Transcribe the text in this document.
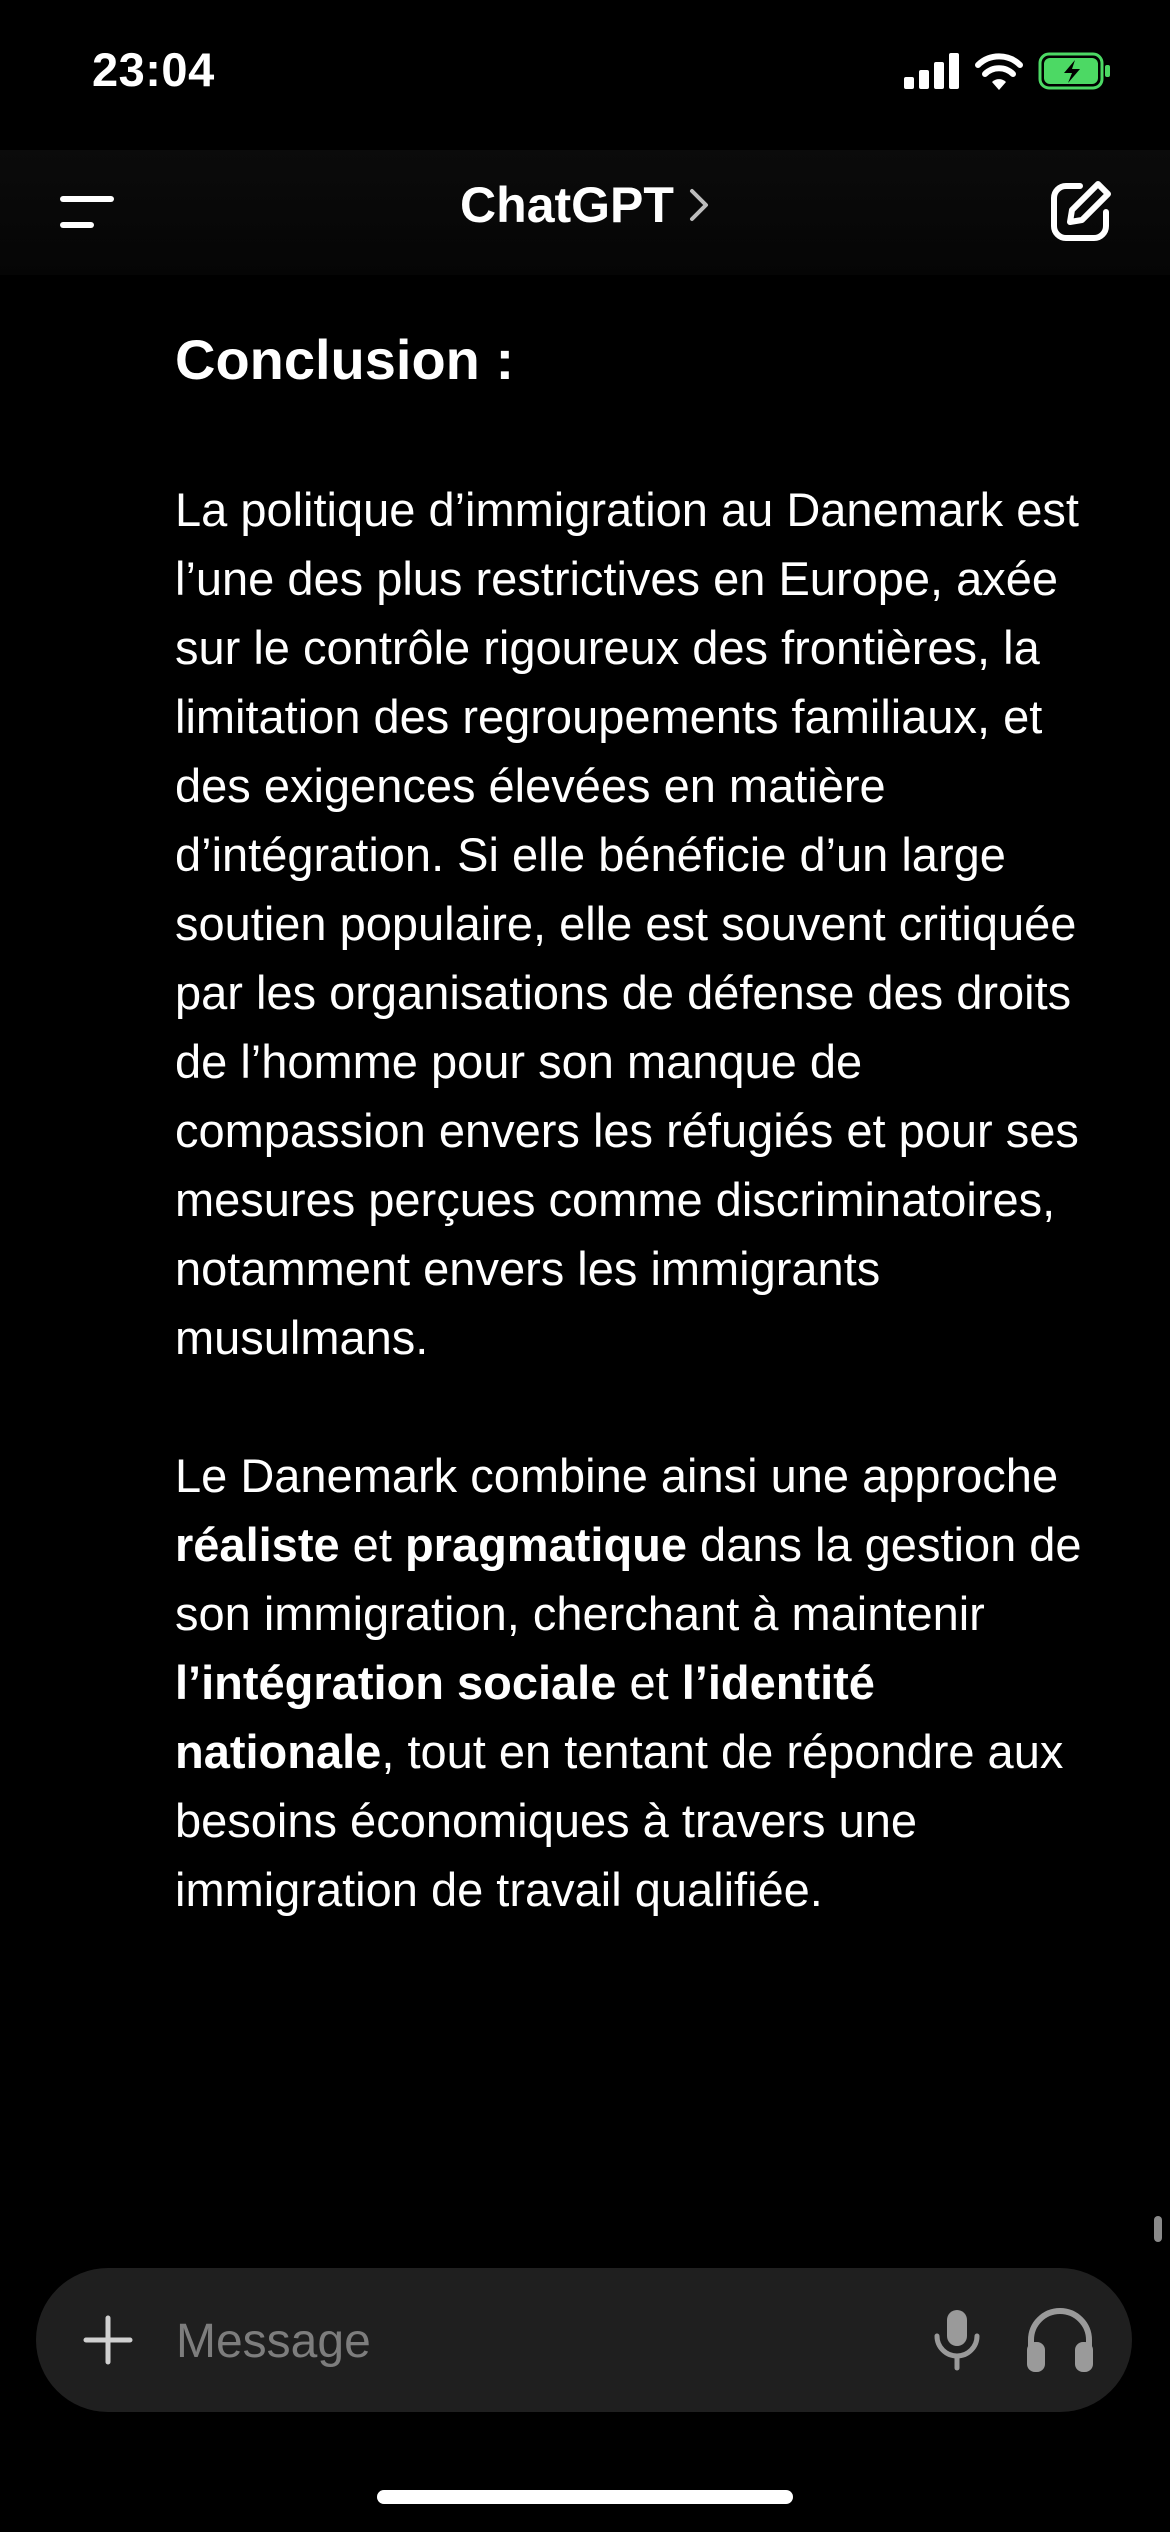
23:04
ChatGPT
Conclusion :

La politique d’immigration au Danemark est l’une des plus restrictives en Europe, axée sur le contrôle rigoureux des frontières, la limitation des regroupements familiaux, et des exigences élevées en matière d’intégration. Si elle bénéficie d’un large soutien populaire, elle est souvent critiquée par les organisations de défense des droits de l’homme pour son manque de compassion envers les réfugiés et pour ses mesures perçues comme discriminatoires, notamment envers les immigrants musulmans.

Le Danemark combine ainsi une approche réaliste et pragmatique dans la gestion de son immigration, cherchant à maintenir l’intégration sociale et l’identité nationale, tout en tentant de répondre aux besoins économiques à travers une immigration de travail qualifiée.

Message
